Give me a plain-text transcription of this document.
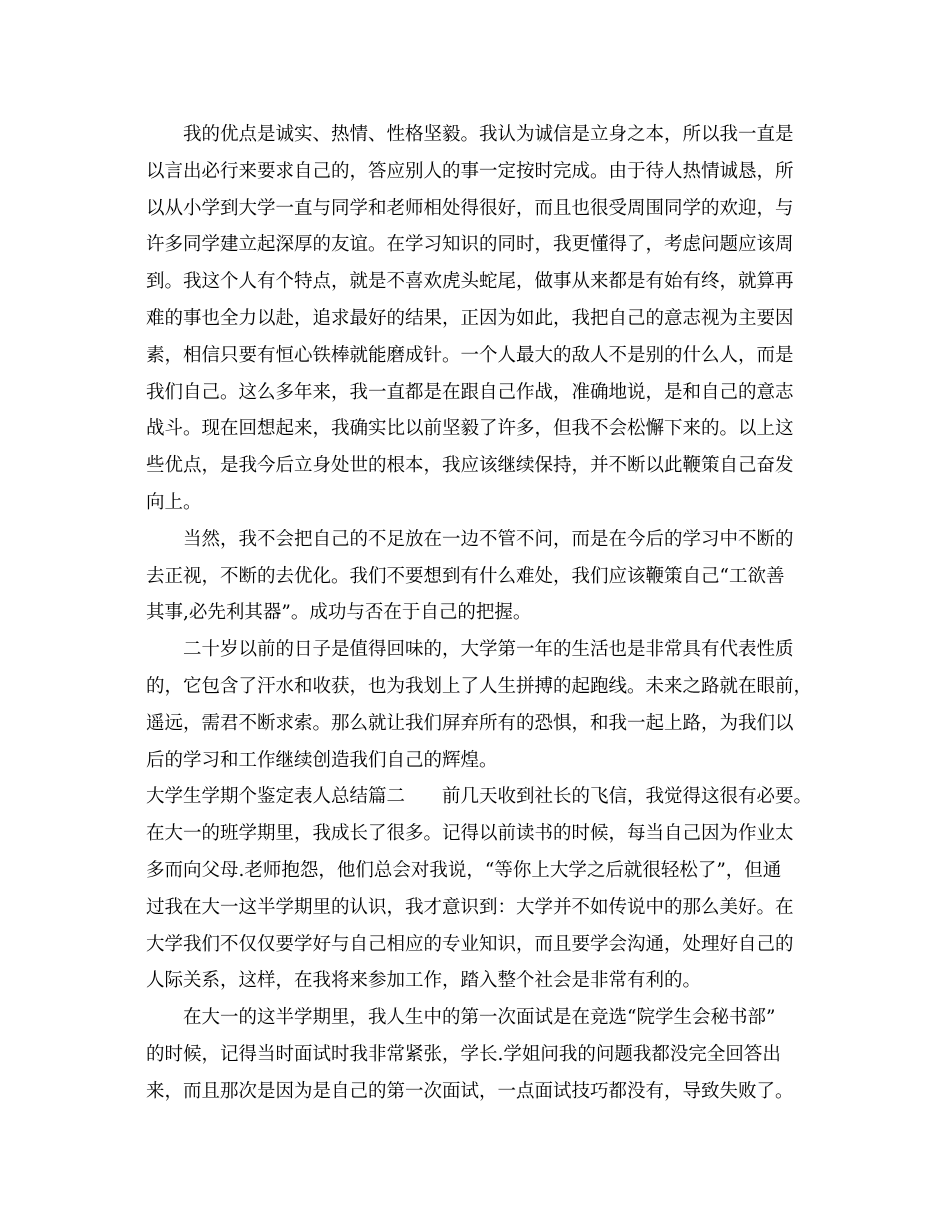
我的优点是诚实、热情、性格坚毅。我认为诚信是立身之本，所以我一直是
以言出必行来要求自己的，答应别人的事一定按时完成。由于待人热情诚恳，所
以从小学到大学一直与同学和老师相处得很好，而且也很受周围同学的欢迎，与
许多同学建立起深厚的友谊。在学习知识的同时，我更懂得了，考虑问题应该周
到。我这个人有个特点，就是不喜欢虎头蛇尾，做事从来都是有始有终，就算再
难的事也全力以赴，追求最好的结果，正因为如此，我把自己的意志视为主要因
素，相信只要有恒心铁棒就能磨成针。一个人最大的敌人不是别的什么人，而是
我们自己。这么多年来，我一直都是在跟自己作战，准确地说，是和自己的意志
战斗。现在回想起来，我确实比以前坚毅了许多，但我不会松懈下来的。以上这
些优点，是我今后立身处世的根本，我应该继续保持，并不断以此鞭策自己奋发
向上。
当然，我不会把自己的不足放在一边不管不问，而是在今后的学习中不断的
去正视，不断的去优化。我们不要想到有什么难处，我们应该鞭策自己“工欲善
其事,必先利其器”。成功与否在于自己的把握。
二十岁以前的日子是值得回味的，大学第一年的生活也是非常具有代表性质
的，它包含了汗水和收获，也为我划上了人生拼搏的起跑线。未来之路就在眼前，
遥远，需君不断求索。那么就让我们屏弃所有的恐惧，和我一起上路，为我们以
后的学习和工作继续创造我们自己的辉煌。
大学生学期个鉴定表人总结篇二　　前几天收到社长的飞信，我觉得这很有必要。
在大一的班学期里，我成长了很多。记得以前读书的时候，每当自己因为作业太
多而向父母.老师抱怨，他们总会对我说，“等你上大学之后就很轻松了”，但通
过我在大一这半学期里的认识，我才意识到：大学并不如传说中的那么美好。在
大学我们不仅仅要学好与自己相应的专业知识，而且要学会沟通，处理好自己的
人际关系，这样，在我将来参加工作，踏入整个社会是非常有利的。
在大一的这半学期里，我人生中的第一次面试是在竞选“院学生会秘书部”
的时候，记得当时面试时我非常紧张，学长.学姐问我的问题我都没完全回答出
来，而且那次是因为是自己的第一次面试，一点面试技巧都没有，导致失败了。
